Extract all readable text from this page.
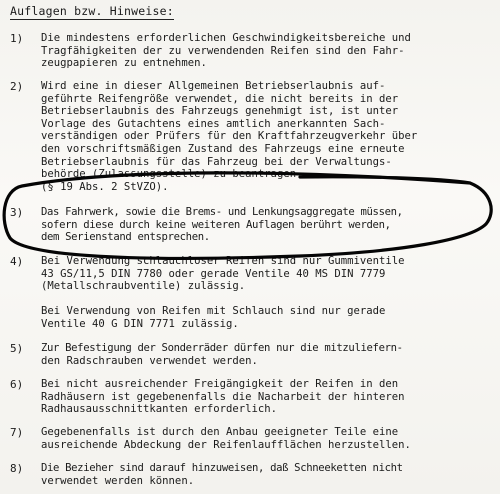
Auflagen bzw. Hinweise:
1) Die mindestens erforderlichen Geschwindigkeitsbereiche und
Tragfähigkeiten der zu verwendenden Reifen sind den Fahr-
zeugpapieren zu entnehmen.
2) Wird eine in dieser Allgemeinen Betriebserlaubnis auf-
geführte Reifengröße verwendet, die nicht bereits in der
Betriebserlaubnis des Fahrzeugs genehmigt ist, ist unter
Vorlage des Gutachtens eines amtlich anerkannten Sach-
verständigen oder Prüfers für den Kraftfahrzeugverkehr über
den vorschriftsmäßigen Zustand des Fahrzeugs eine erneute
Betriebserlaubnis für das Fahrzeug bei der Verwaltungs-
behörde (Zulassungsstelle) zu beantragen
(§ 19 Abs. 2 StVZO).
3) Das Fahrwerk, sowie die Brems- und Lenkungsaggregate müssen,
sofern diese durch keine weiteren Auflagen berührt werden,
dem Serienstand entsprechen.
4) Bei Verwendung schlauchloser Reifen sind nur Gummiventile
43 GS/11,5 DIN 7780 oder gerade Ventile 40 MS DIN 7779
(Metallschraubventile) zulässig.

Bei Verwendung von Reifen mit Schlauch sind nur gerade
Ventile 40 G DIN 7771 zulässig.
5) Zur Befestigung der Sonderräder dürfen nur die mitzuliefern-
den Radschrauben verwendet werden.
6) Bei nicht ausreichender Freigängigkeit der Reifen in den
Radhäusern ist gegebenenfalls die Nacharbeit der hinteren
Radhausausschnittkanten erforderlich.
7) Gegebenenfalls ist durch den Anbau geeigneter Teile eine
ausreichende Abdeckung der Reifenlaufflächen herzustellen.
8) Die Bezieher sind darauf hinzuweisen, daß Schneeketten nicht
verwendet werden können.
